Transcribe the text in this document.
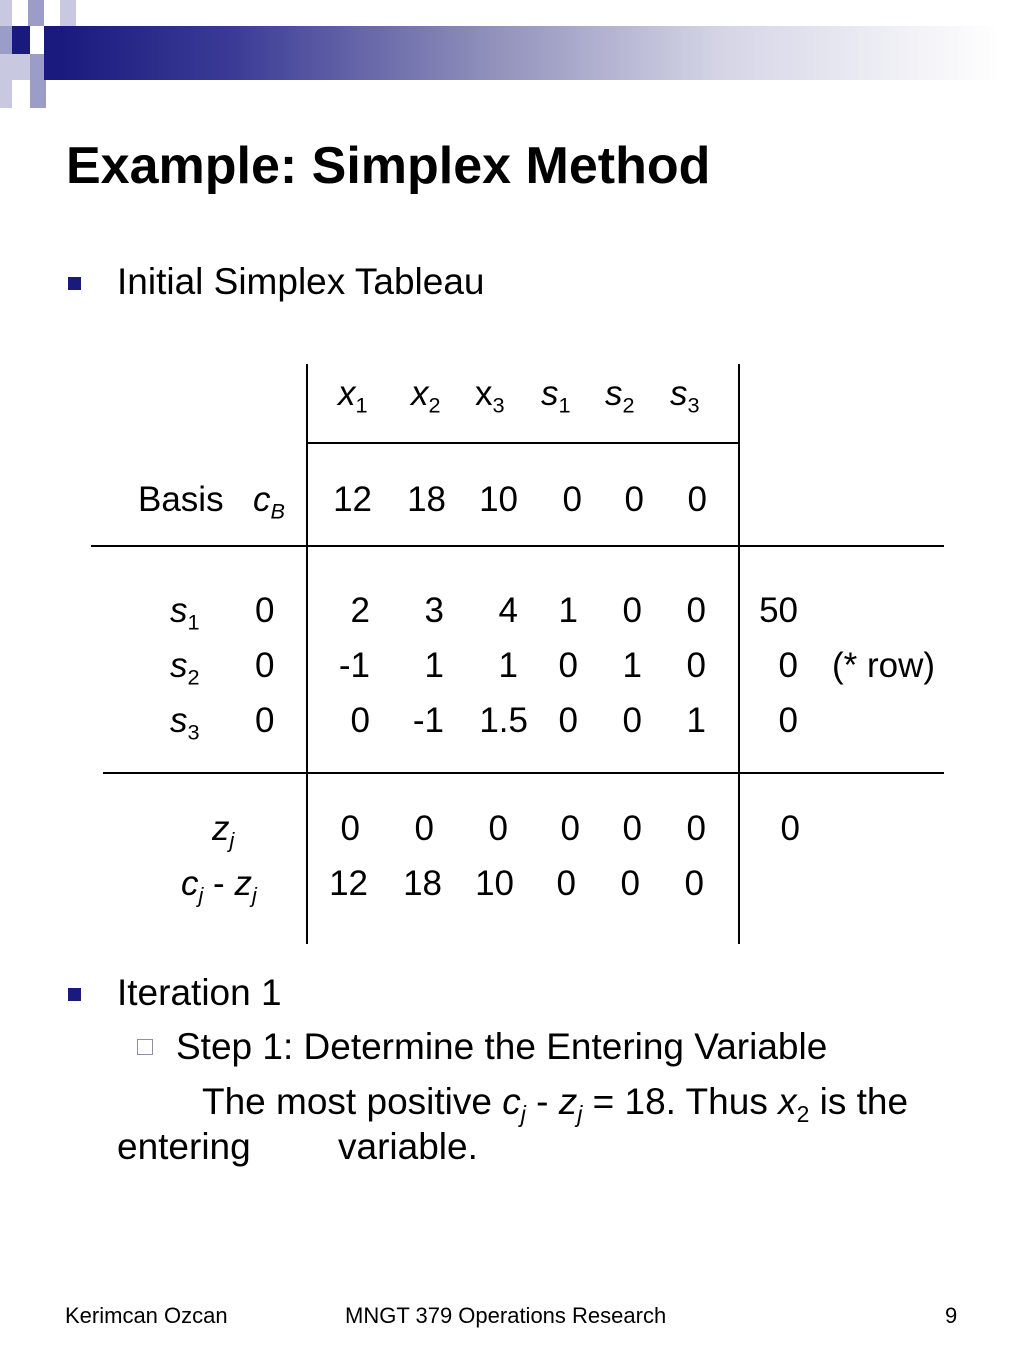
Example: Simplex Method
Initial Simplex Tableau
$x_1$ $x_2$ $x_3$ $s_1$ $s_2$ $s_3$
Basis $c_B$	12	18 10	0	0	0
$s_1$ 0	2	3	4	1	0	0	50
$s_2$ 0	-1	1	1	0	1	0	0 (* row)
$s_3$ 0	0	-1 1.5 0	0	1	0
$z_j$	0	0	0	0	0	0	0
$c_j - z_j$	12	18 10	0	0	0
Iteration 1
Step 1: Determine the Entering Variable
The most positive $c_j - z_j = 18$. Thus $x_2$ is the
entering variable.
Kerimcan Ozcan	MNGT 379 Operations Research	9
